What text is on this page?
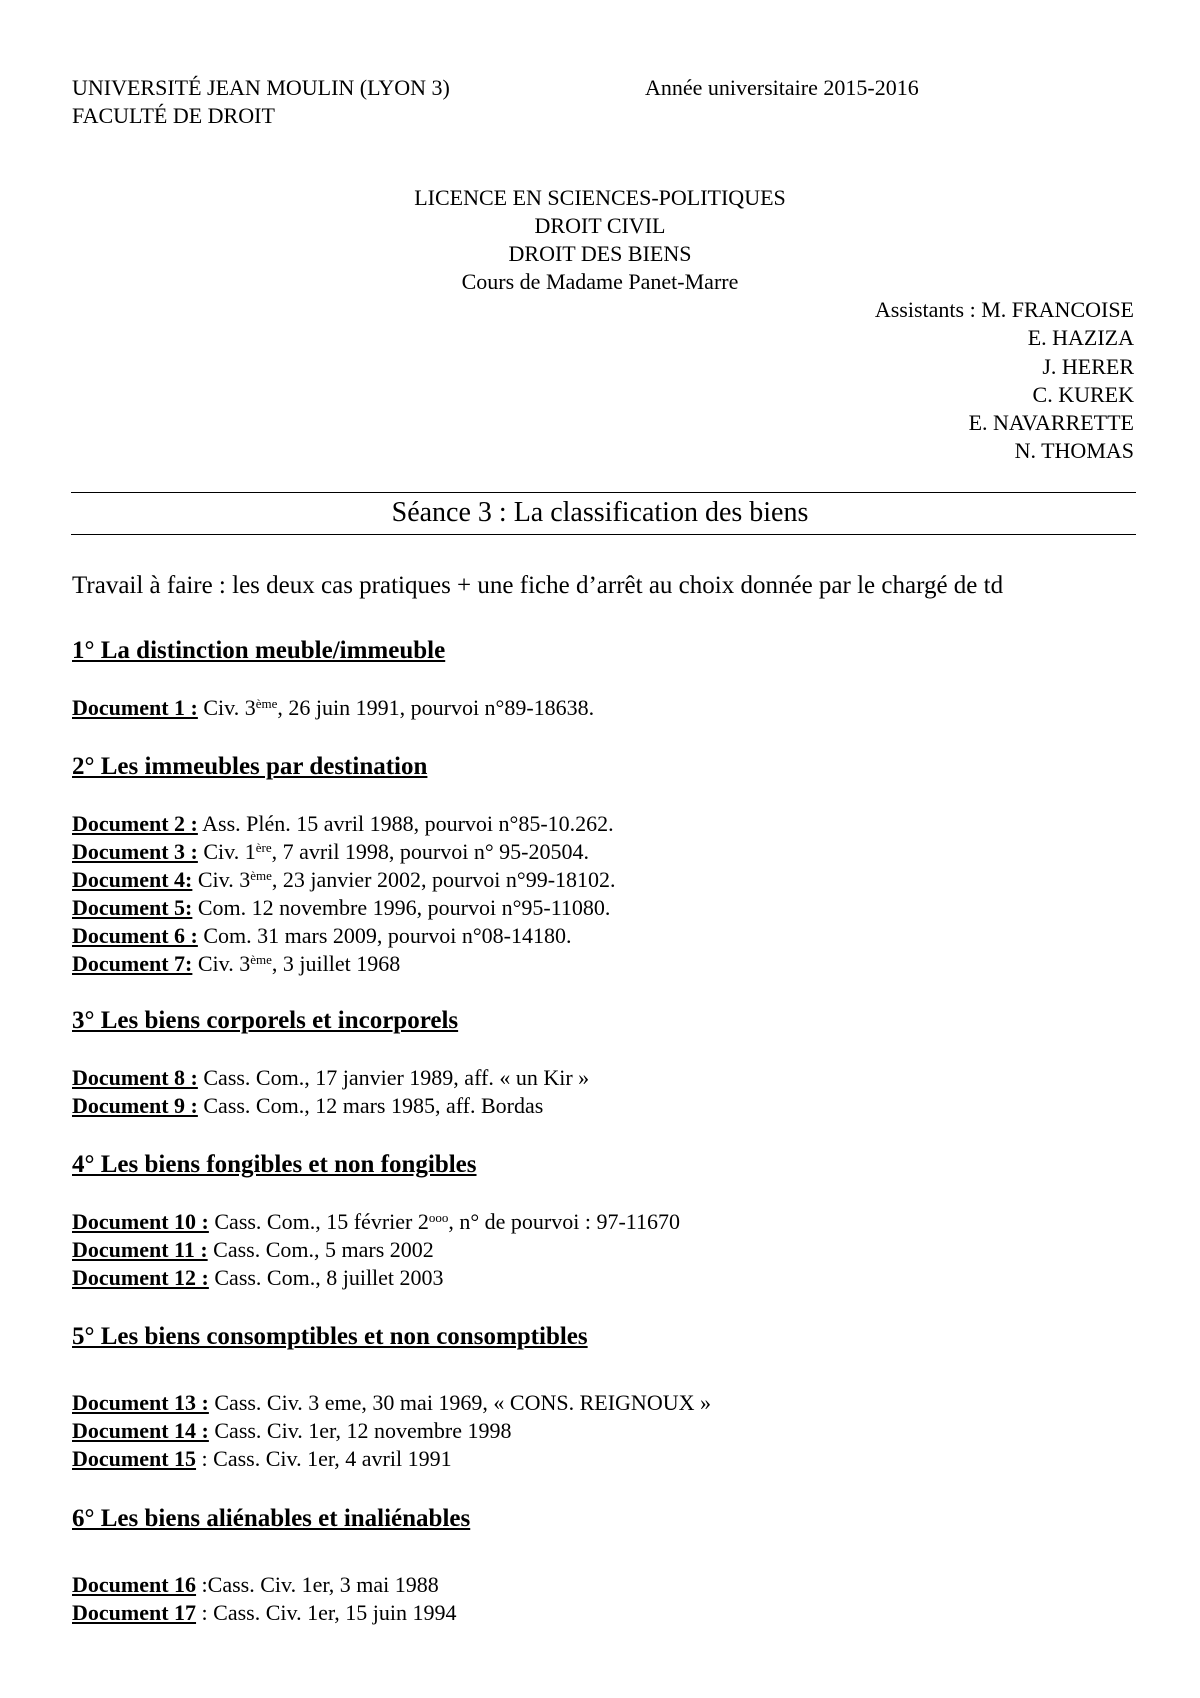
UNIVERSITÉ JEAN MOULIN (LYON 3)
FACULTÉ DE DROIT
Année universitaire 2015-2016
LICENCE EN SCIENCES-POLITIQUES
DROIT CIVIL
DROIT DES BIENS
Cours de Madame Panet-Marre
Assistants : M. FRANCOISE
E. HAZIZA
J. HERER
C. KUREK
E. NAVARRETTE
N. THOMAS
Séance 3 : La classification des biens
Travail à faire : les deux cas pratiques + une fiche d’arrêt au choix donnée par le chargé de td
1° La distinction meuble/immeuble
Document 1 : Civ. 3ème, 26 juin 1991, pourvoi n°89-18638.
2° Les immeubles par destination
Document 2 : Ass. Plén. 15 avril 1988, pourvoi n°85-10.262.
Document 3 : Civ. 1ère, 7 avril 1998, pourvoi n° 95-20504.
Document 4: Civ. 3ème, 23 janvier 2002, pourvoi n°99-18102.
Document 5: Com. 12 novembre 1996, pourvoi n°95-11080.
Document 6 : Com. 31 mars 2009, pourvoi n°08-14180.
Document 7: Civ. 3ème, 3 juillet 1968
3° Les biens corporels et incorporels
Document 8 : Cass. Com., 17 janvier 1989, aff. « un Kir »
Document 9 : Cass. Com., 12 mars 1985, aff. Bordas
4° Les biens fongibles et non fongibles
Document 10 : Cass. Com., 15 février $2^{ooo}$, n° de pourvoi : 97-11670
Document 11 : Cass. Com., 5 mars 2002
Document 12 : Cass. Com., 8 juillet 2003
5° Les biens consomptibles et non consomptibles
Document 13 : Cass. Civ. 3 eme, 30 mai 1969, « CONS. REIGNOUX »
Document 14 : Cass. Civ. 1er, 12 novembre 1998
Document 15 : Cass. Civ. 1er, 4 avril 1991
6° Les biens aliénables et inaliénables
Document 16 :Cass. Civ. 1er, 3 mai 1988
Document 17 : Cass. Civ. 1er, 15 juin 1994
